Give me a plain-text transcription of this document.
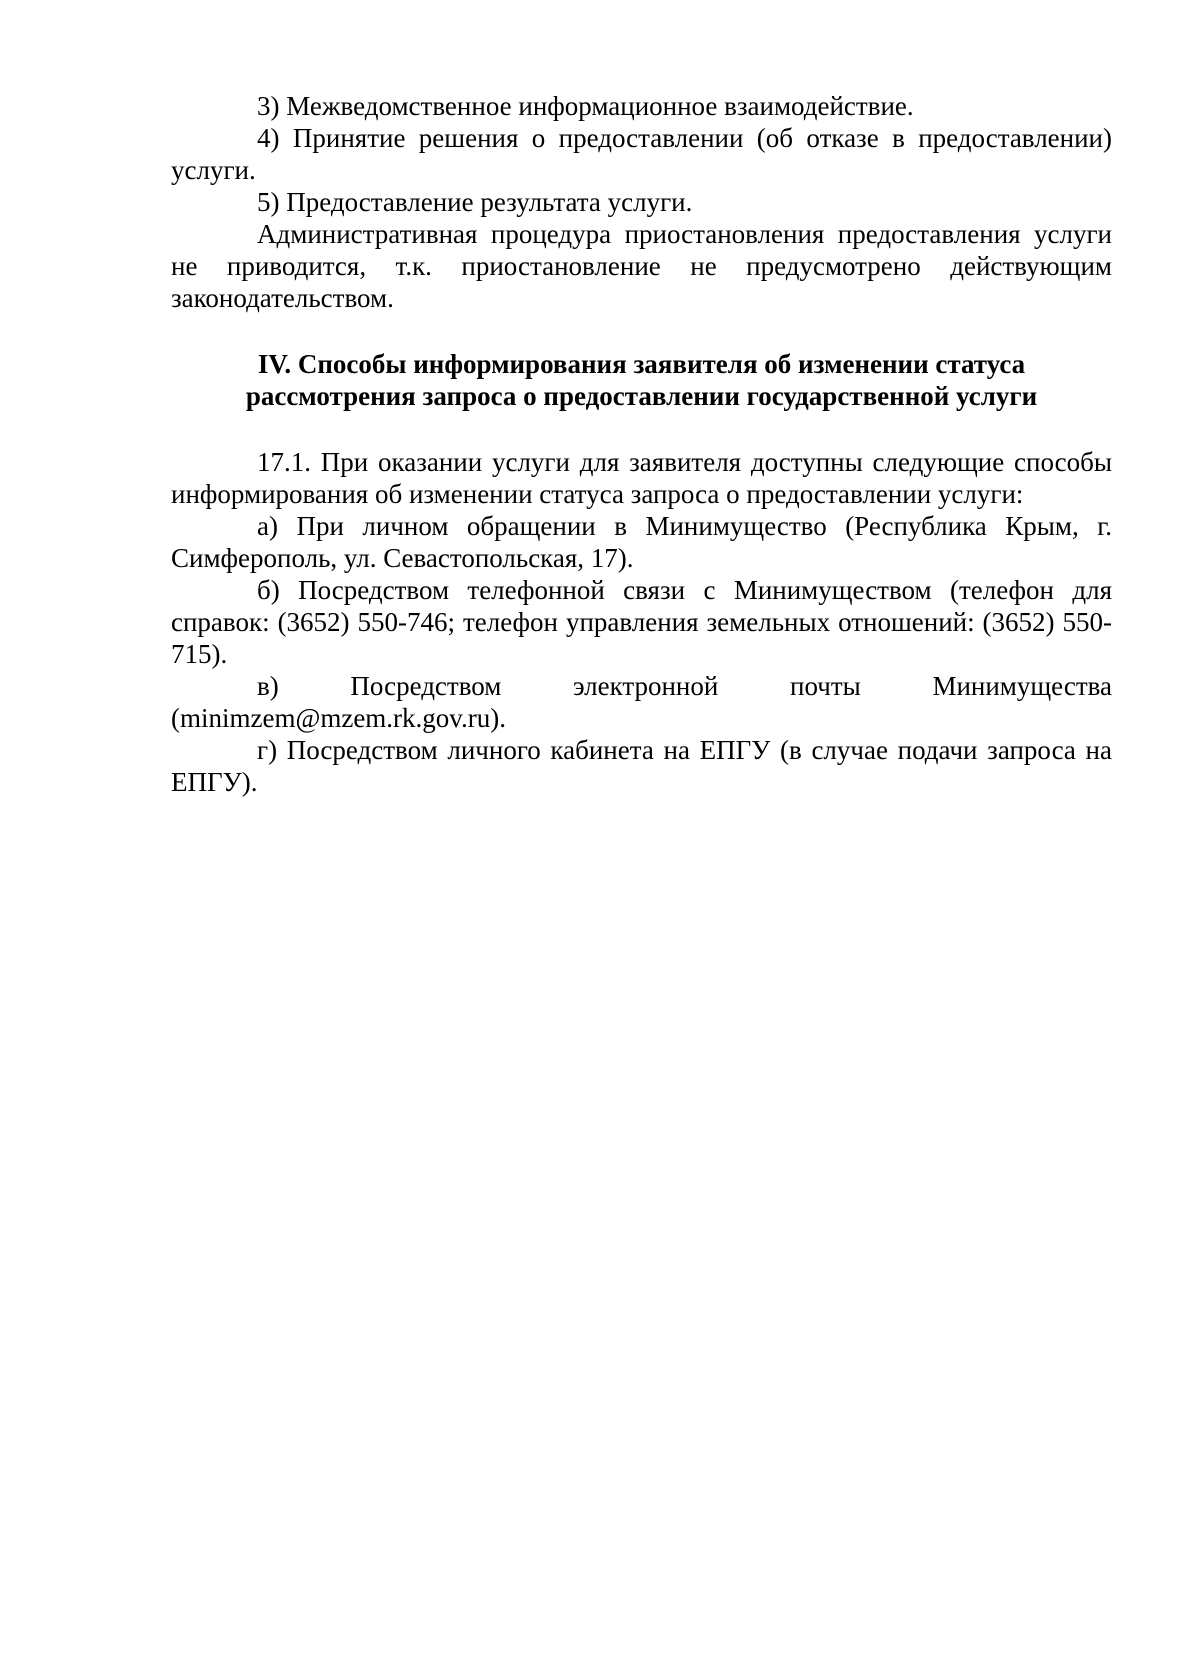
3) Межведомственное информационное взаимодействие.

4) Принятие решения о предоставлении (об отказе в предоставлении) услуги.

5) Предоставление результата услуги.

Административная процедура приостановления предоставления услуги не приводится, т.к. приостановление не предусмотрено действующим законодательством.

IV. Способы информирования заявителя об изменении статуса

рассмотрения запроса о предоставлении государственной услуги

17.1. При оказании услуги для заявителя доступны следующие способы информирования об изменении статуса запроса о предоставлении услуги:

а) При личном обращении в Минимущество (Республика Крым, г. Симферополь, ул. Севастопольская, 17).

б) Посредством телефонной связи с Минимуществом (телефон для справок: (3652) 550-746; телефон управления земельных отношений: (3652) 550-715).

в) Посредством электронной почты Минимущества (minimzem@mzem.rk.gov.ru).

г) Посредством личного кабинета на ЕПГУ (в случае подачи запроса на ЕПГУ).
